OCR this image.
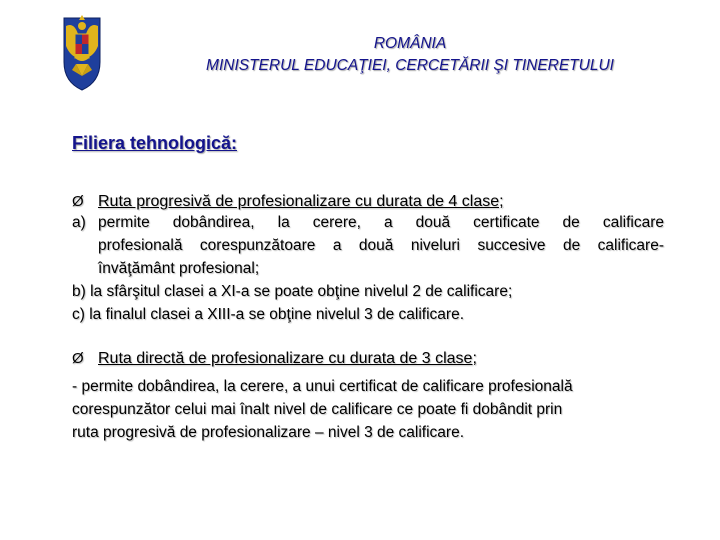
ROMÂNIA
MINISTERUL EDUCAŢIEI, CERCETĂRII ŞI TINERETULUI
Filiera tehnologică:
Ø Ruta progresivă de profesionalizare cu durata de 4 clase;
a) permite dobândirea, la cerere, a două certificate de calificare
profesională corespunzătoare a două niveluri succesive de calificare-
învăţământ profesional;
b) la sfârşitul clasei a XI-a se poate obţine nivelul 2 de calificare;
c) la finalul clasei a XIII-a se obţine nivelul 3 de calificare.
Ø Ruta directă de profesionalizare cu durata de 3 clase;
- permite dobândirea, la cerere, a unui certificat de calificare profesională
corespunzător celui mai înalt nivel de calificare ce poate fi dobândit prin
ruta progresivă de profesionalizare – nivel 3 de calificare.
